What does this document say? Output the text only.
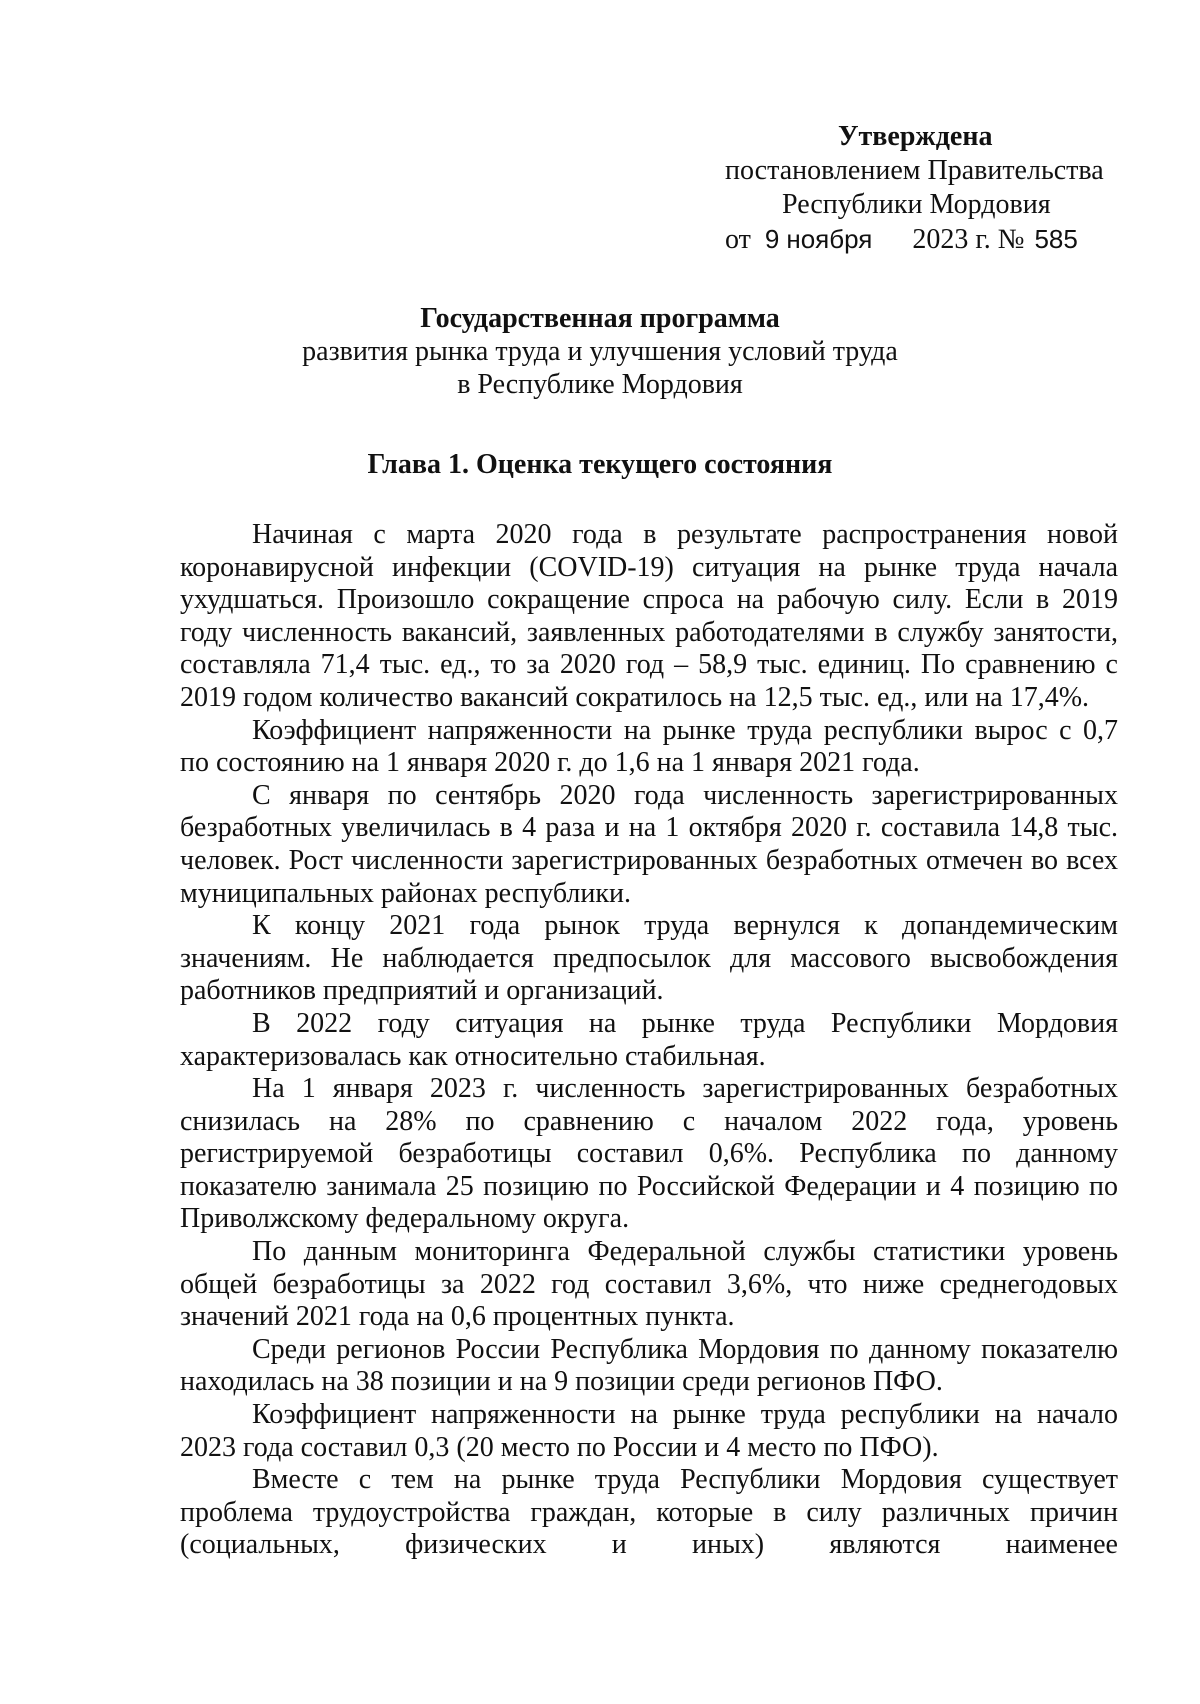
Утверждена
постановлением Правительства
Республики Мордовия
от 9 ноября 2023 г. № 585
Государственная программа
развития рынка труда и улучшения условий труда
в Республике Мордовия
Глава 1. Оценка текущего состояния

Начиная с марта 2020 года в результате распространения новой коронавирусной инфекции (COVID-19) ситуация на рынке труда начала ухудшаться. Произошло сокращение спроса на рабочую силу. Если в 2019 году численность вакансий, заявленных работодателями в службу занятости, составляла 71,4 тыс. ед., то за 2020 год – 58,9 тыс. единиц. По сравнению с 2019 годом количество вакансий сократилось на 12,5 тыс. ед., или на 17,4%.

Коэффициент напряженности на рынке труда республики вырос с 0,7 по состоянию на 1 января 2020 г. до 1,6 на 1 января 2021 года.

С января по сентябрь 2020 года численность зарегистрированных безработных увеличилась в 4 раза и на 1 октября 2020 г. составила 14,8 тыс. человек. Рост численности зарегистрированных безработных отмечен во всех муниципальных районах республики.

К концу 2021 года рынок труда вернулся к допандемическим значениям. Не наблюдается предпосылок для массового высвобождения работников предприятий и организаций.

В 2022 году ситуация на рынке труда Республики Мордовия характеризовалась как относительно стабильная.

На 1 января 2023 г. численность зарегистрированных безработных снизилась на 28% по сравнению с началом 2022 года, уровень регистрируемой безработицы составил 0,6%. Республика по данному показателю занимала 25 позицию по Российской Федерации и 4 позицию по Приволжскому федеральному округа.

По данным мониторинга Федеральной службы статистики уровень общей безработицы за 2022 год составил 3,6%, что ниже среднегодовых значений 2021 года на 0,6 процентных пункта.

Среди регионов России Республика Мордовия по данному показателю находилась на 38 позиции и на 9 позиции среди регионов ПФО.

Коэффициент напряженности на рынке труда республики на начало 2023 года составил 0,3 (20 место по России и 4 место по ПФО).

Вместе с тем на рынке труда Республики Мордовия существует проблема трудоустройства граждан, которые в силу различных причин (социальных, физических и иных) являются наименее
